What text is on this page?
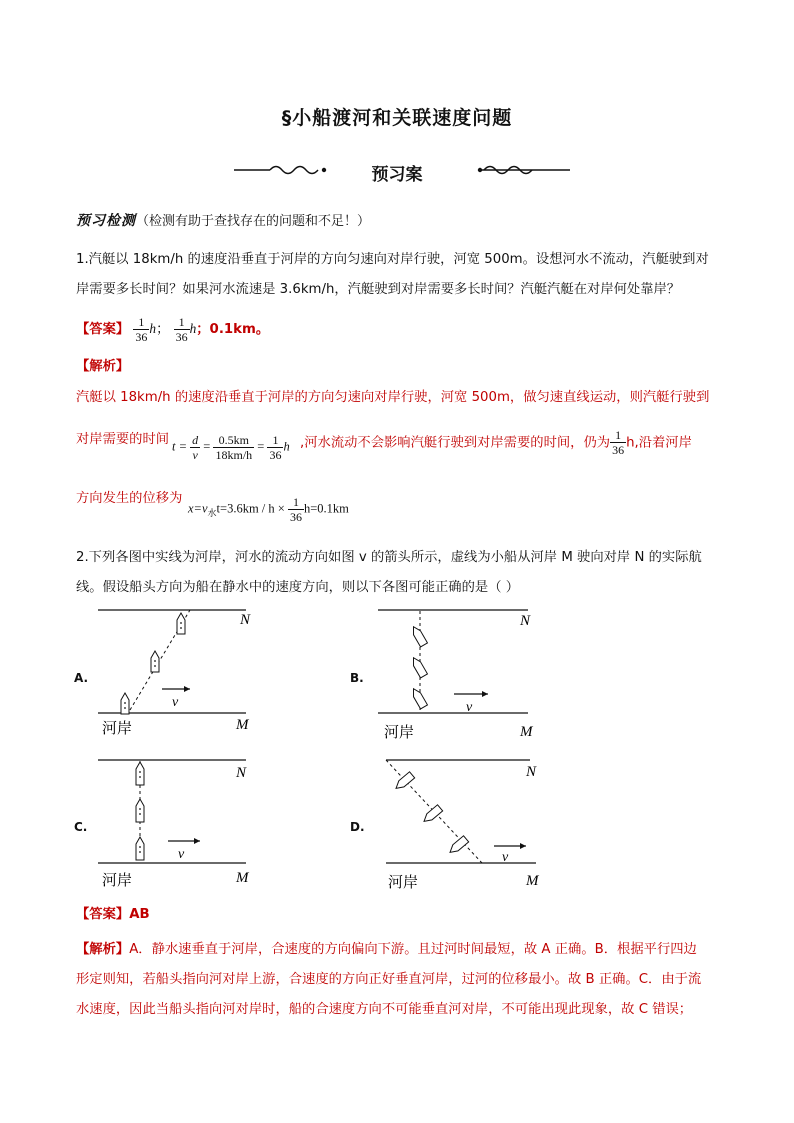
§小船渡河和关联速度问题
预习案
预习检测（检测有助于查找存在的问题和不足！）
1.汽艇以 18km/h 的速度沿垂直于河岸的方向匀速向对岸行驶，河宽 500m。设想河水不流动，汽艇驶到对
岸需要多长时间？如果河水流速是 3.6km/h，汽艇驶到对岸需要多长时间？汽艇汽艇在对岸何处靠岸？
【答案】 $\frac{1}{36}$ h； $\frac{1}{36}$ h；0.1km。
【解析】
汽艇以 18km/h 的速度沿垂直于河岸的方向匀速向对岸行驶，河宽 500m，做匀速直线运动，则汽艇行驶到
对岸需要的时间 $t = \frac{d}{v} = \frac{0.5km}{18km/h} = \frac{1}{36}$ h ,河水流动不会影响汽艇行驶到对岸需要的时间，仍为 $\frac{1}{36} h$,沿着河岸
方向发生的位移为
$x=v_水t=3.6km / h \times \frac{1}{36} h=0.1km$
2.下列各图中实线为河岸，河水的流动方向如图 v 的箭头所示，虚线为小船从河岸 M 驶向对岸 N 的实际航
线。假设船头方向为船在静水中的速度方向，则以下各图可能正确的是（ ）
A.	B.
C.	D.
v
N
M
河岸
v
N
M
河岸
v
N
M
河岸
v
N
M
河岸
【答案】AB
【解析】A．静水速垂直于河岸，合速度的方向偏向下游。且过河时间最短，故 A 正确。B．根据平行四边
形定则知，若船头指向河对岸上游，合速度的方向正好垂直河岸，过河的位移最小。故 B 正确。C．由于流
水速度，因此当船头指向河对岸时，船的合速度方向不可能垂直河对岸，不可能出现此现象，故 C 错误；
